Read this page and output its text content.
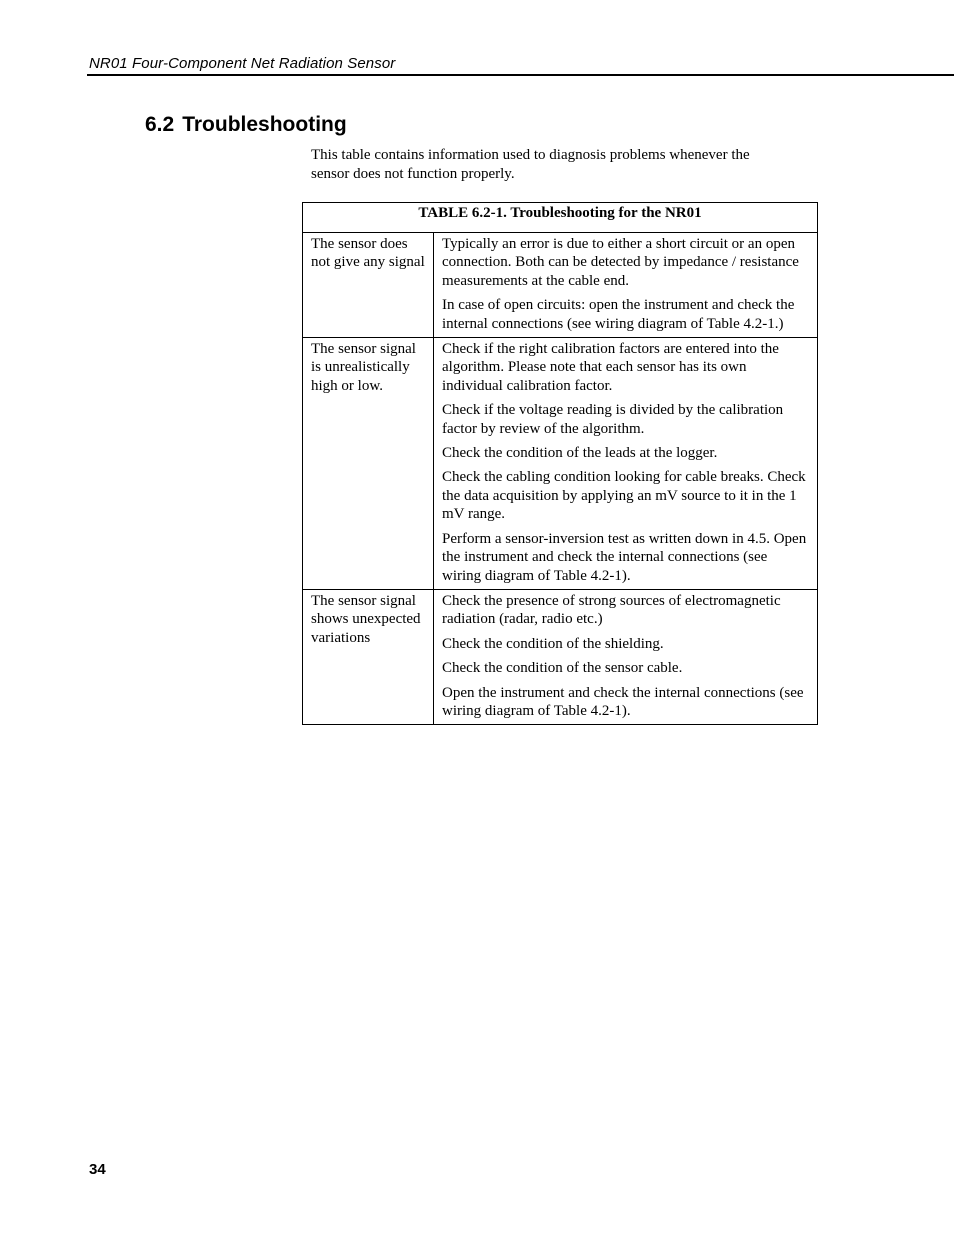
NR01 Four-Component Net Radiation Sensor
6.2 Troubleshooting

This table contains information used to diagnosis problems whenever the sensor does not function properly.

TABLE 6.2-1. Troubleshooting for the NR01	
The sensor does not give any signal	Typically an error is due to either a short circuit or an open connection. Both can be detected by impedance / resistance measurements at the cable end.

In case of open circuits: open the instrument and check the internal connections (see wiring diagram of Table 4.2-1.)

The sensor signal is unrealistically high or low.	Check if the right calibration factors are entered into the algorithm. Please note that each sensor has its own individual calibration factor.

Check if the voltage reading is divided by the calibration factor by review of the algorithm.

Check the condition of the leads at the logger.

Check the cabling condition looking for cable breaks. Check the data acquisition by applying an mV source to it in the 1 mV range.

Perform a sensor-inversion test as written down in 4.5. Open the instrument and check the internal connections (see wiring diagram of Table 4.2-1).

The sensor signal shows unexpected variations	Check the presence of strong sources of electromagnetic radiation (radar, radio etc.)

Check the condition of the shielding.

Check the condition of the sensor cable.

Open the instrument and check the internal connections (see wiring diagram of Table 4.2-1).

34
